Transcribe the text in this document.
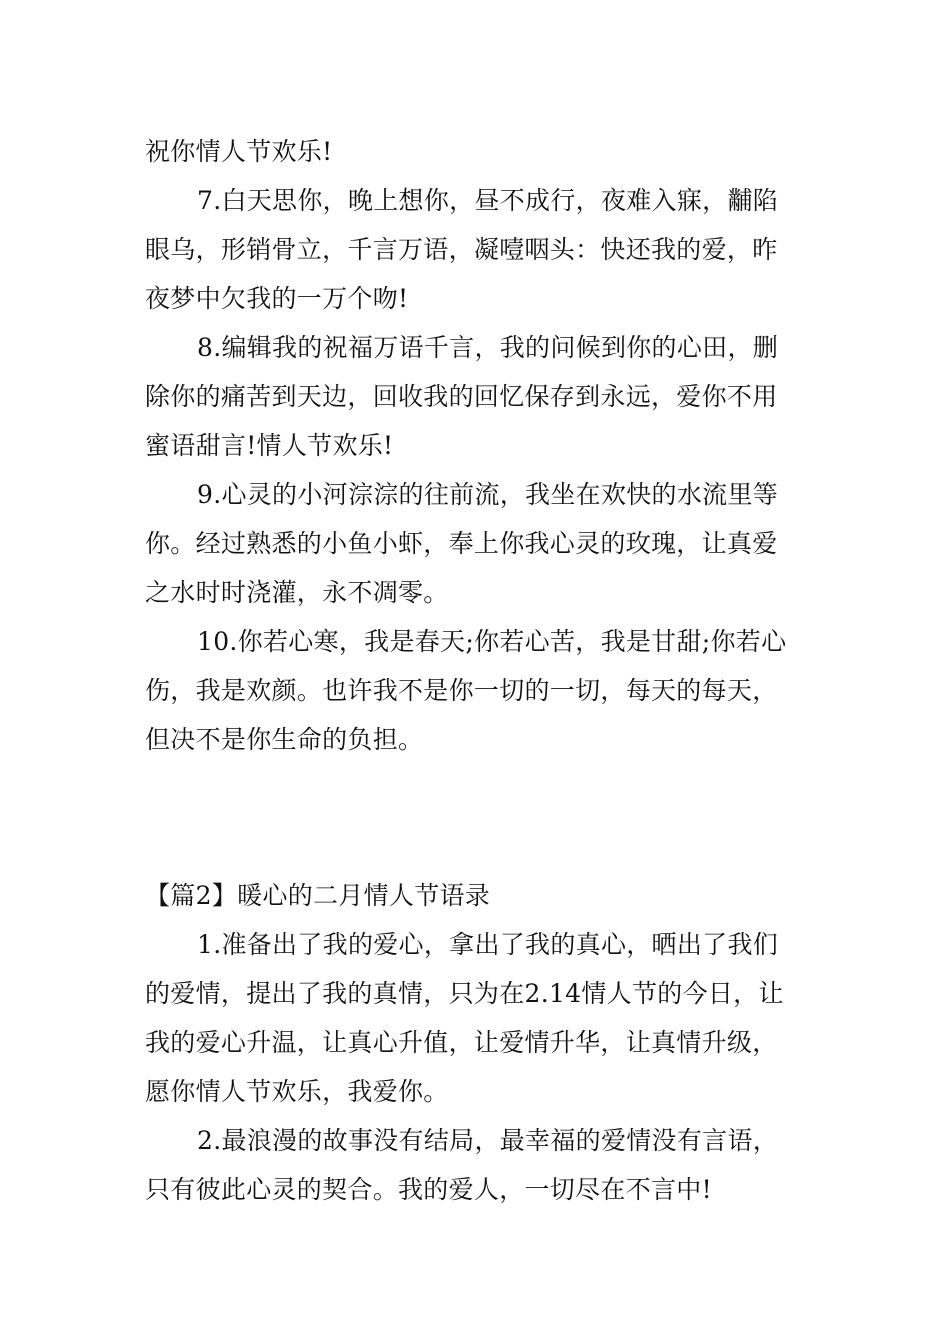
祝你情人节欢乐!

7.白天思你，晚上想你，昼不成行，夜难入寐，黼陷
眼乌，形销骨立，千言万语，凝噎咽头：快还我的爱，昨
夜梦中欠我的一万个吻!

8.编辑我的祝福万语千言，我的问候到你的心田，删
除你的痛苦到天边，回收我的回忆保存到永远，爱你不用
蜜语甜言!情人节欢乐!

9.心灵的小河淙淙的往前流，我坐在欢快的水流里等
你。经过熟悉的小鱼小虾，奉上你我心灵的玫瑰，让真爱
之水时时浇灌，永不凋零。

10.你若心寒，我是春天;你若心苦，我是甘甜;你若心
伤，我是欢颜。也许我不是你一切的一切，每天的每天，
但决不是你生命的负担。

【篇2】暖心的二月情人节语录

1.准备出了我的爱心，拿出了我的真心，晒出了我们
的爱情，提出了我的真情，只为在2.14情人节的今日，让
我的爱心升温，让真心升值，让爱情升华，让真情升级，
愿你情人节欢乐，我爱你。

2.最浪漫的故事没有结局，最幸福的爱情没有言语，
只有彼此心灵的契合。我的爱人，一切尽在不言中!
